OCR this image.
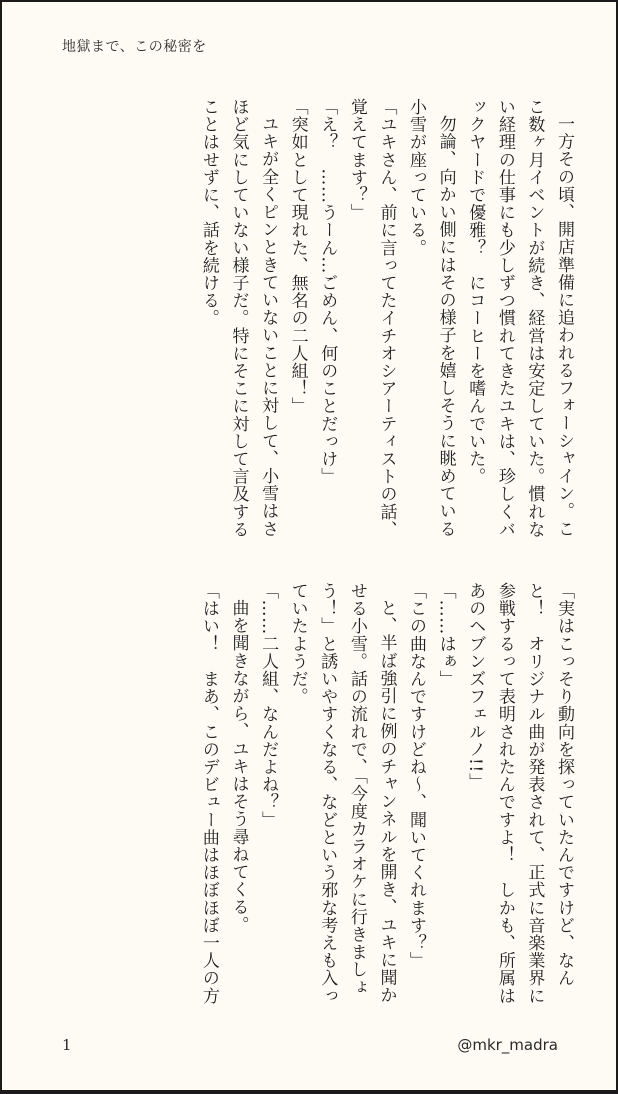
地獄まで、この秘密を

一方その頃、開店準備に追われるフォーシャイン。ここ数ヶ月イベントが続き、経営は安定していた。慣れない経理の仕事にも少しずつ慣れてきたユキは、珍しくバックヤードで優雅？　にコーヒーを嗜んでいた。

勿論、向かい側にはその様子を嬉しそうに眺めている小雪が座っている。

「ユキさん、前に言ってたイチオシアーティストの話、覚えてます？」

「え？　……うーん…ごめん、何のことだっけ」

「突如として現れた、無名の二人組！」

ユキが全くピンときていないことに対して、小雪はさほど気にしていない様子だ。特にそこに対して言及することはせずに、話を続ける。

「実はこっそり動向を探っていたんですけど、なんと！　オリジナル曲が発表されて、正式に音楽業界に参戦するって表明されたんですよ！　しかも、所属はあのヘブンズフェルノ!!」

「……はぁ」

「この曲なんですけどね〜、聞いてくれます？」

と、半ば強引に例のチャンネルを開き、ユキに聞かせる小雪。話の流れで、「今度カラオケに行きましょう！」と誘いやすくなる、などという邪な考えも入っていたようだ。

「……二人組、なんだよね？」

曲を聞きながら、ユキはそう尋ねてくる。

「はい！　まあ、このデビュー曲はほぼほぼ一人の方

1	@mkr_madra
